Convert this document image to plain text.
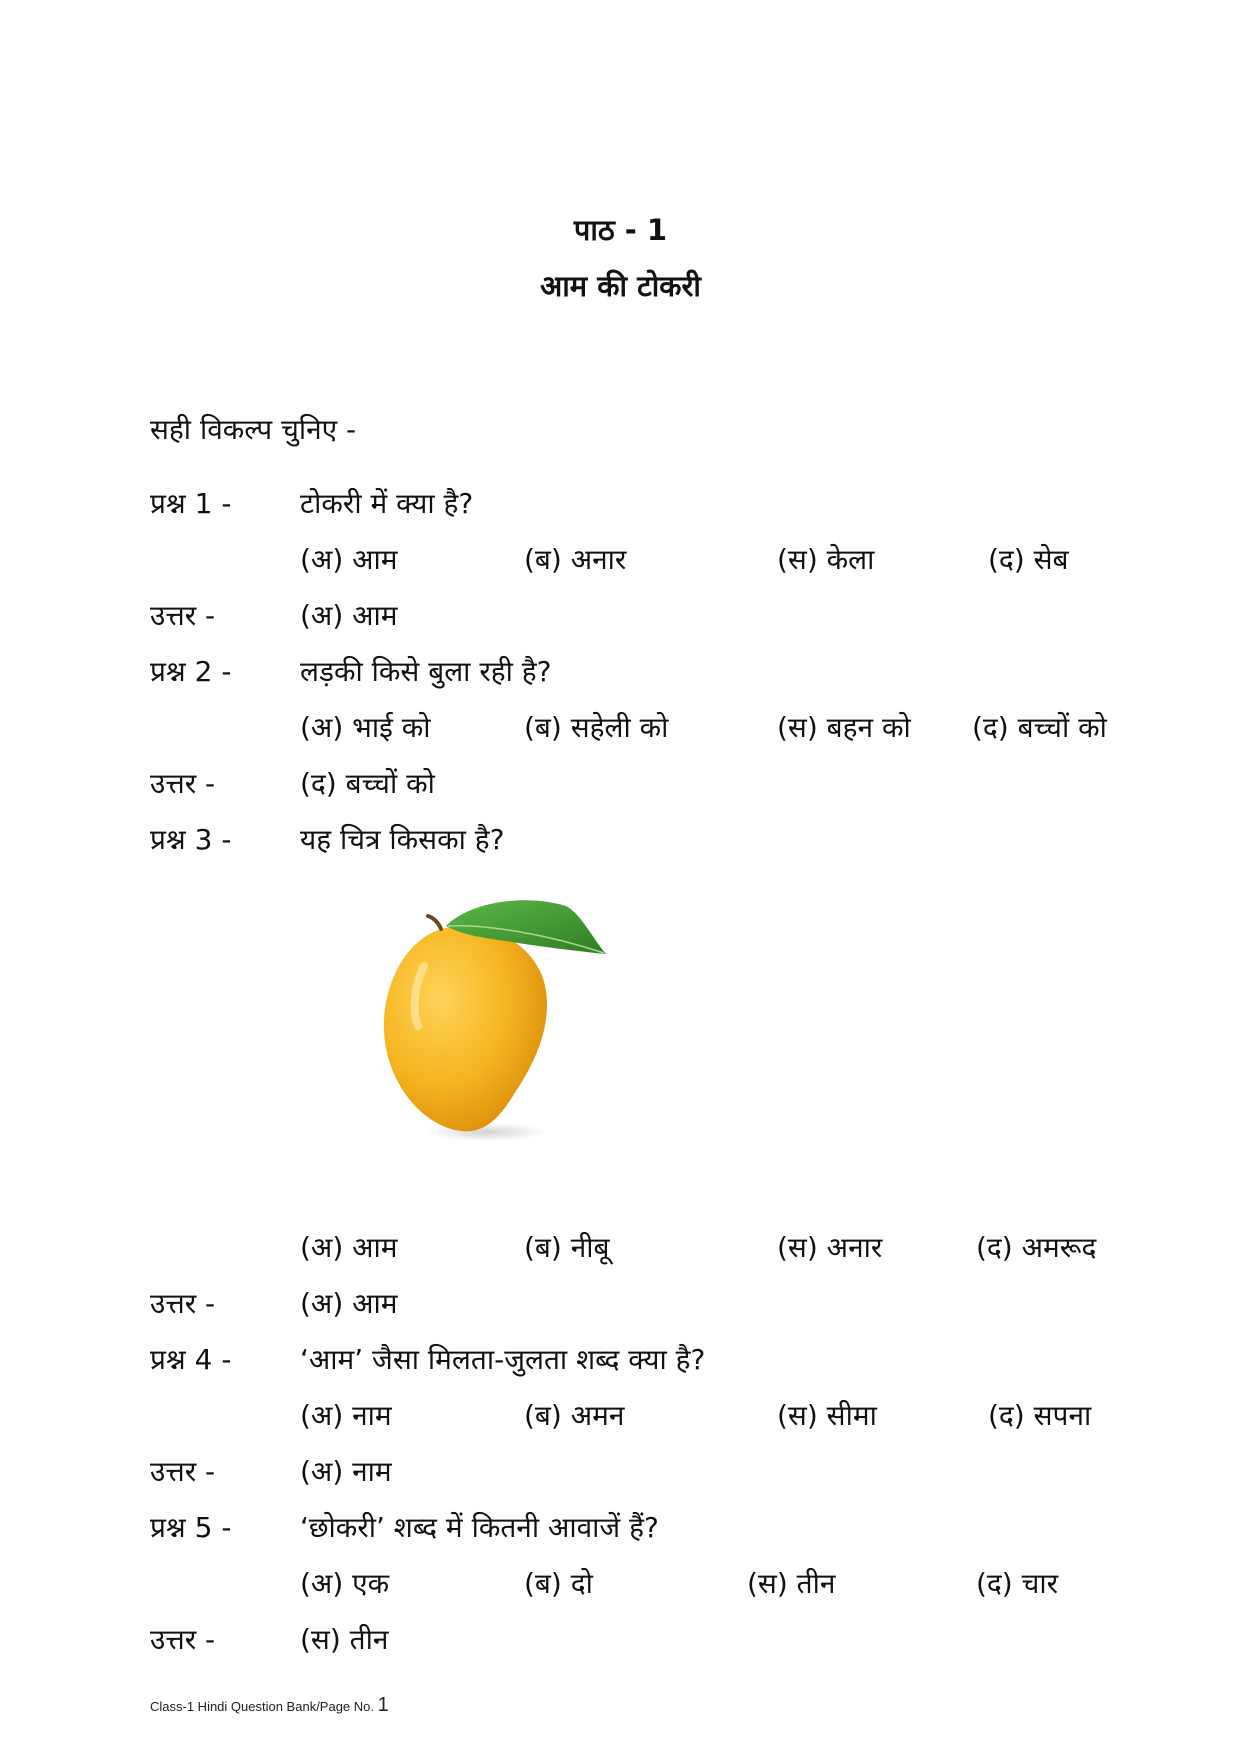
पाठ - 1
आम की टोकरी
सही विकल्प चुनिए -
प्रश्न 1 - टोकरी में क्या है?
(अ) आम	(ब) अनार	(स) केला	(द) सेब
उत्तर -	(अ) आम
प्रश्न 2 - लड़की किसे बुला रही है?
(अ) भाई को	(ब) सहेली को	(स) बहन को (द) बच्चों को
उत्तर -	(द) बच्चों को
प्रश्न 3 - यह चित्र किसका है?
(अ) आम	(ब) नीबू	(स) अनार	(द) अमरूद
उत्तर -	(अ) आम
प्रश्न 4 - ‘आम’ जैसा मिलता-जुलता शब्द क्या है?
(अ) नाम	(ब) अमन	(स) सीमा	(द) सपना
उत्तर -	(अ) नाम
प्रश्न 5 - ‘छोकरी’ शब्द में कितनी आवाजें हैं?
(अ) एक	(ब) दो	(स) तीन	(द) चार
उत्तर -	(स) तीन
Class-1 Hindi Question Bank/Page No. 1
